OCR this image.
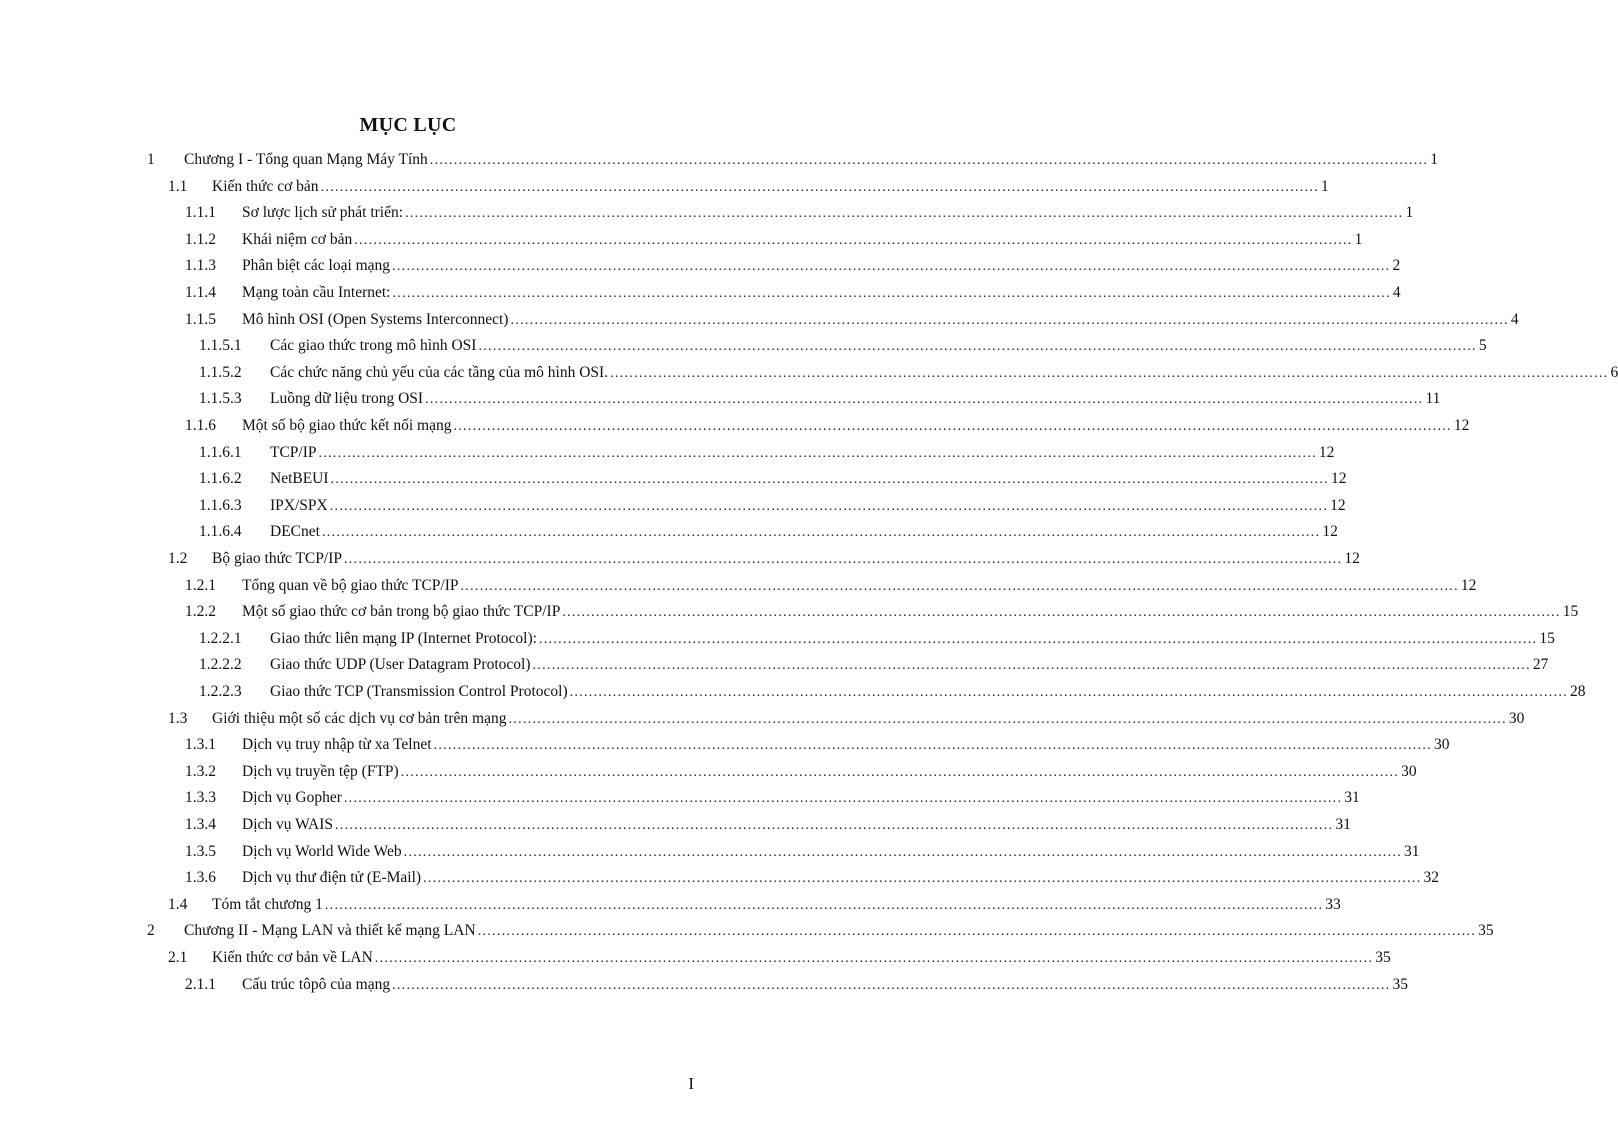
MỤC LỤC
1	Chương I - Tổng quan Mạng Máy Tính .....	1
1.1	Kiến thức cơ bản .....	1
1.1.1	Sơ lược lịch sử phát triển: .....	1
1.1.2	Khái niệm cơ bản .....	1
1.1.3	Phân biệt các loại mạng .....	2
1.1.4	Mạng toàn cầu Internet: .....	4
1.1.5	Mô hình OSI (Open Systems Interconnect) .....	4
1.1.5.1	Các giao thức trong mô hình OSI .....	5
1.1.5.2	Các chức năng chủ yếu của các tầng của mô hình OSI. .....	6
1.1.5.3	Luồng dữ liệu trong OSI .....	11
1.1.6	Một số bộ giao thức kết nối mạng .....	12
1.1.6.1	TCP/IP .....	12
1.1.6.2	NetBEUI .....	12
1.1.6.3	IPX/SPX .....	12
1.1.6.4	DECnet .....	12
1.2	Bộ giao thức TCP/IP .....	12
1.2.1	Tổng quan về bộ giao thức TCP/IP .....	12
1.2.2	Một số giao thức cơ bản trong bộ giao thức TCP/IP .....	15
1.2.2.1	Giao thức liên mạng IP (Internet Protocol): .....	15
1.2.2.2	Giao thức UDP (User Datagram Protocol) .....	27
1.2.2.3	Giao thức TCP (Transmission Control Protocol) .....	28
1.3	Giới thiệu một số các dịch vụ cơ bản trên mạng .....	30
1.3.1	Dịch vụ truy nhập từ xa Telnet .....	30
1.3.2	Dịch vụ truyền tệp (FTP) .....	30
1.3.3	Dịch vụ Gopher .....	31
1.3.4	Dịch vụ WAIS .....	31
1.3.5	Dịch vụ World Wide Web .....	31
1.3.6	Dịch vụ thư điện tử (E-Mail) .....	32
1.4	Tóm tắt chương 1 .....	33
2	Chương II - Mạng LAN và thiết kế mạng LAN .....	35
2.1	Kiến thức cơ bản về LAN .....	35
2.1.1	Cấu trúc tôpô của mạng .....	35
I
